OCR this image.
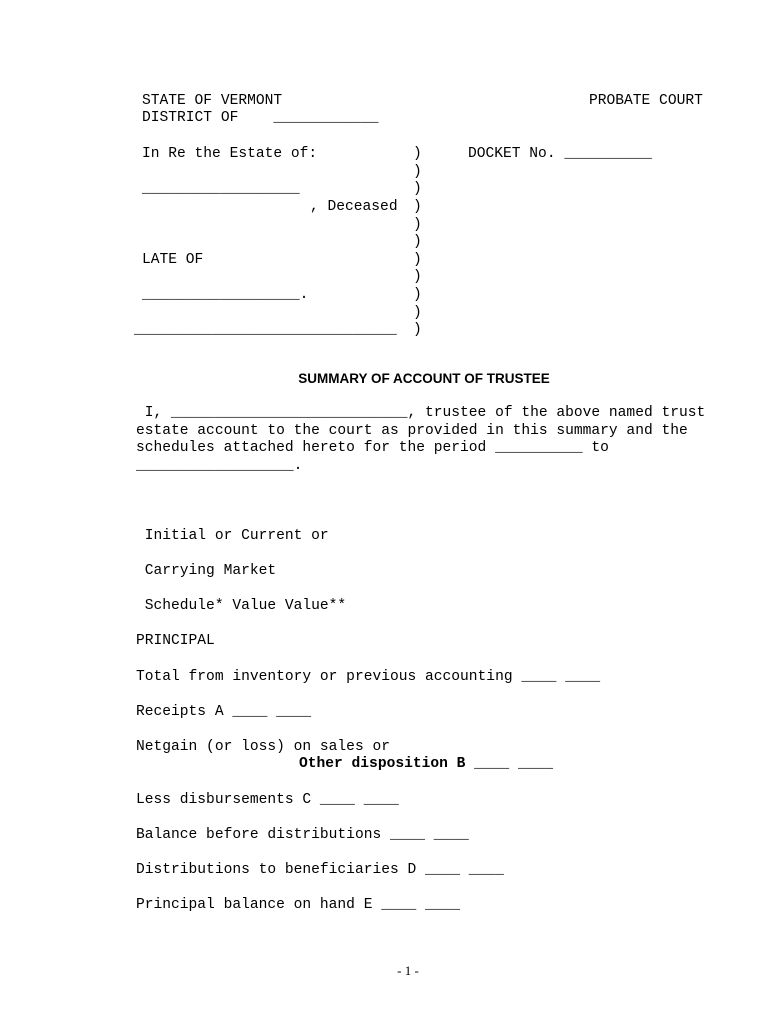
STATE OF VERMONT	PROBATE COURT
DISTRICT OF    ____________
In Re the Estate of:	DOCKET No. __________
__________________
, Deceased
LATE OF
__________________.
______________________________
)
)
)
)
)
)
)
)
)
)
)
SUMMARY OF ACCOUNT OF TRUSTEE
I, ___________________________, trustee of the above named trust
estate account to the court as provided in this summary and the
schedules attached hereto for the period __________ to
__________________.
Initial or Current or
Carrying Market
Schedule* Value Value**
PRINCIPAL
Total from inventory or previous accounting ____ ____
Receipts A ____ ____
Netgain (or loss) on sales or
Other disposition B ____ ____
Less disbursements C ____ ____
Balance before distributions ____ ____
Distributions to beneficiaries D ____ ____
Principal balance on hand E ____ ____
- 1 -
